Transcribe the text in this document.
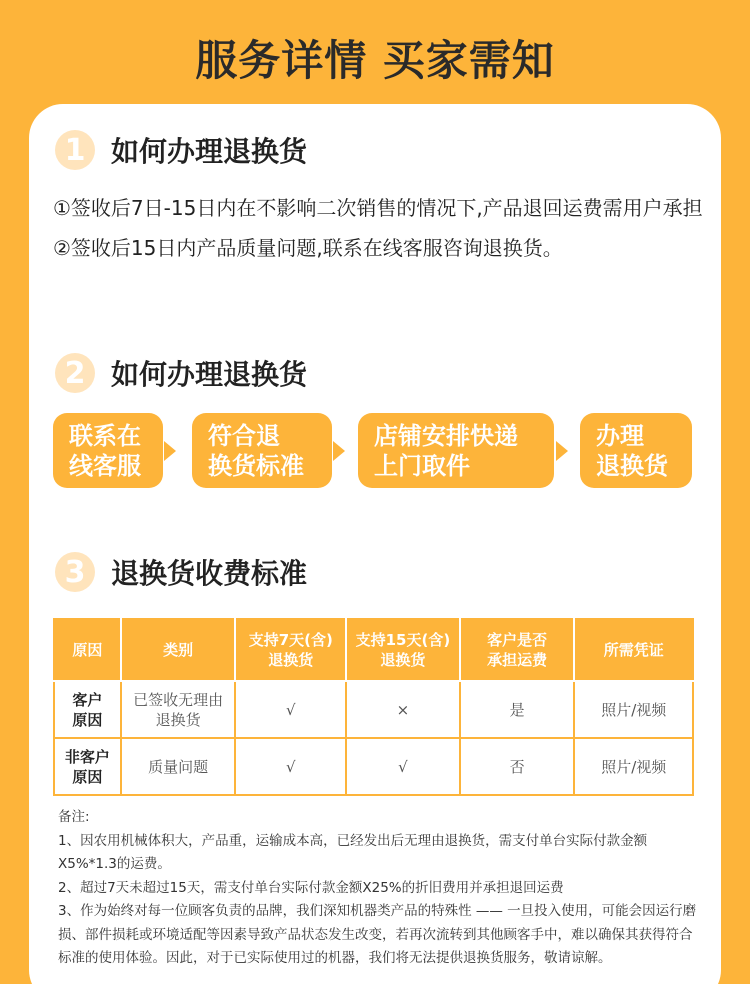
服务详情 买家需知
1 如何办理退换货
①签收后7日-15日内在不影响二次销售的情况下,产品退回运费需用户承担
②签收后15日内产品质量问题,联系在线客服咨询退换货。
2 如何办理退换货
联系在
线客服
符合退
换货标准
店铺安排快递
上门取件
办理
退换货
3 退换货收费标准
原因	类别	支持7天(含)退换货	支持15天(含)退换货	客户是否承担运费	所需凭证
客户原因	已签收无理由退换货	√	×	是	照片/视频
非客户原因	质量问题	√	√	否	照片/视频
备注:
1、因农用机械体积大，产品重，运输成本高，已经发出后无理由退换货，需支付单台实际付款金额X5%*1.3的运费。
2、超过7天未超过15天，需支付单台实际付款金额X25%的折旧费用并承担退回运费
3、作为始终对每一位顾客负责的品牌，我们深知机器类产品的特殊性 —— 一旦投入使用，可能会因运行磨损、部件损耗或环境适配等因素导致产品状态发生改变，若再次流转到其他顾客手中，难以确保其获得符合标准的使用体验。因此，对于已实际使用过的机器，我们将无法提供退换货服务，敬请谅解。
